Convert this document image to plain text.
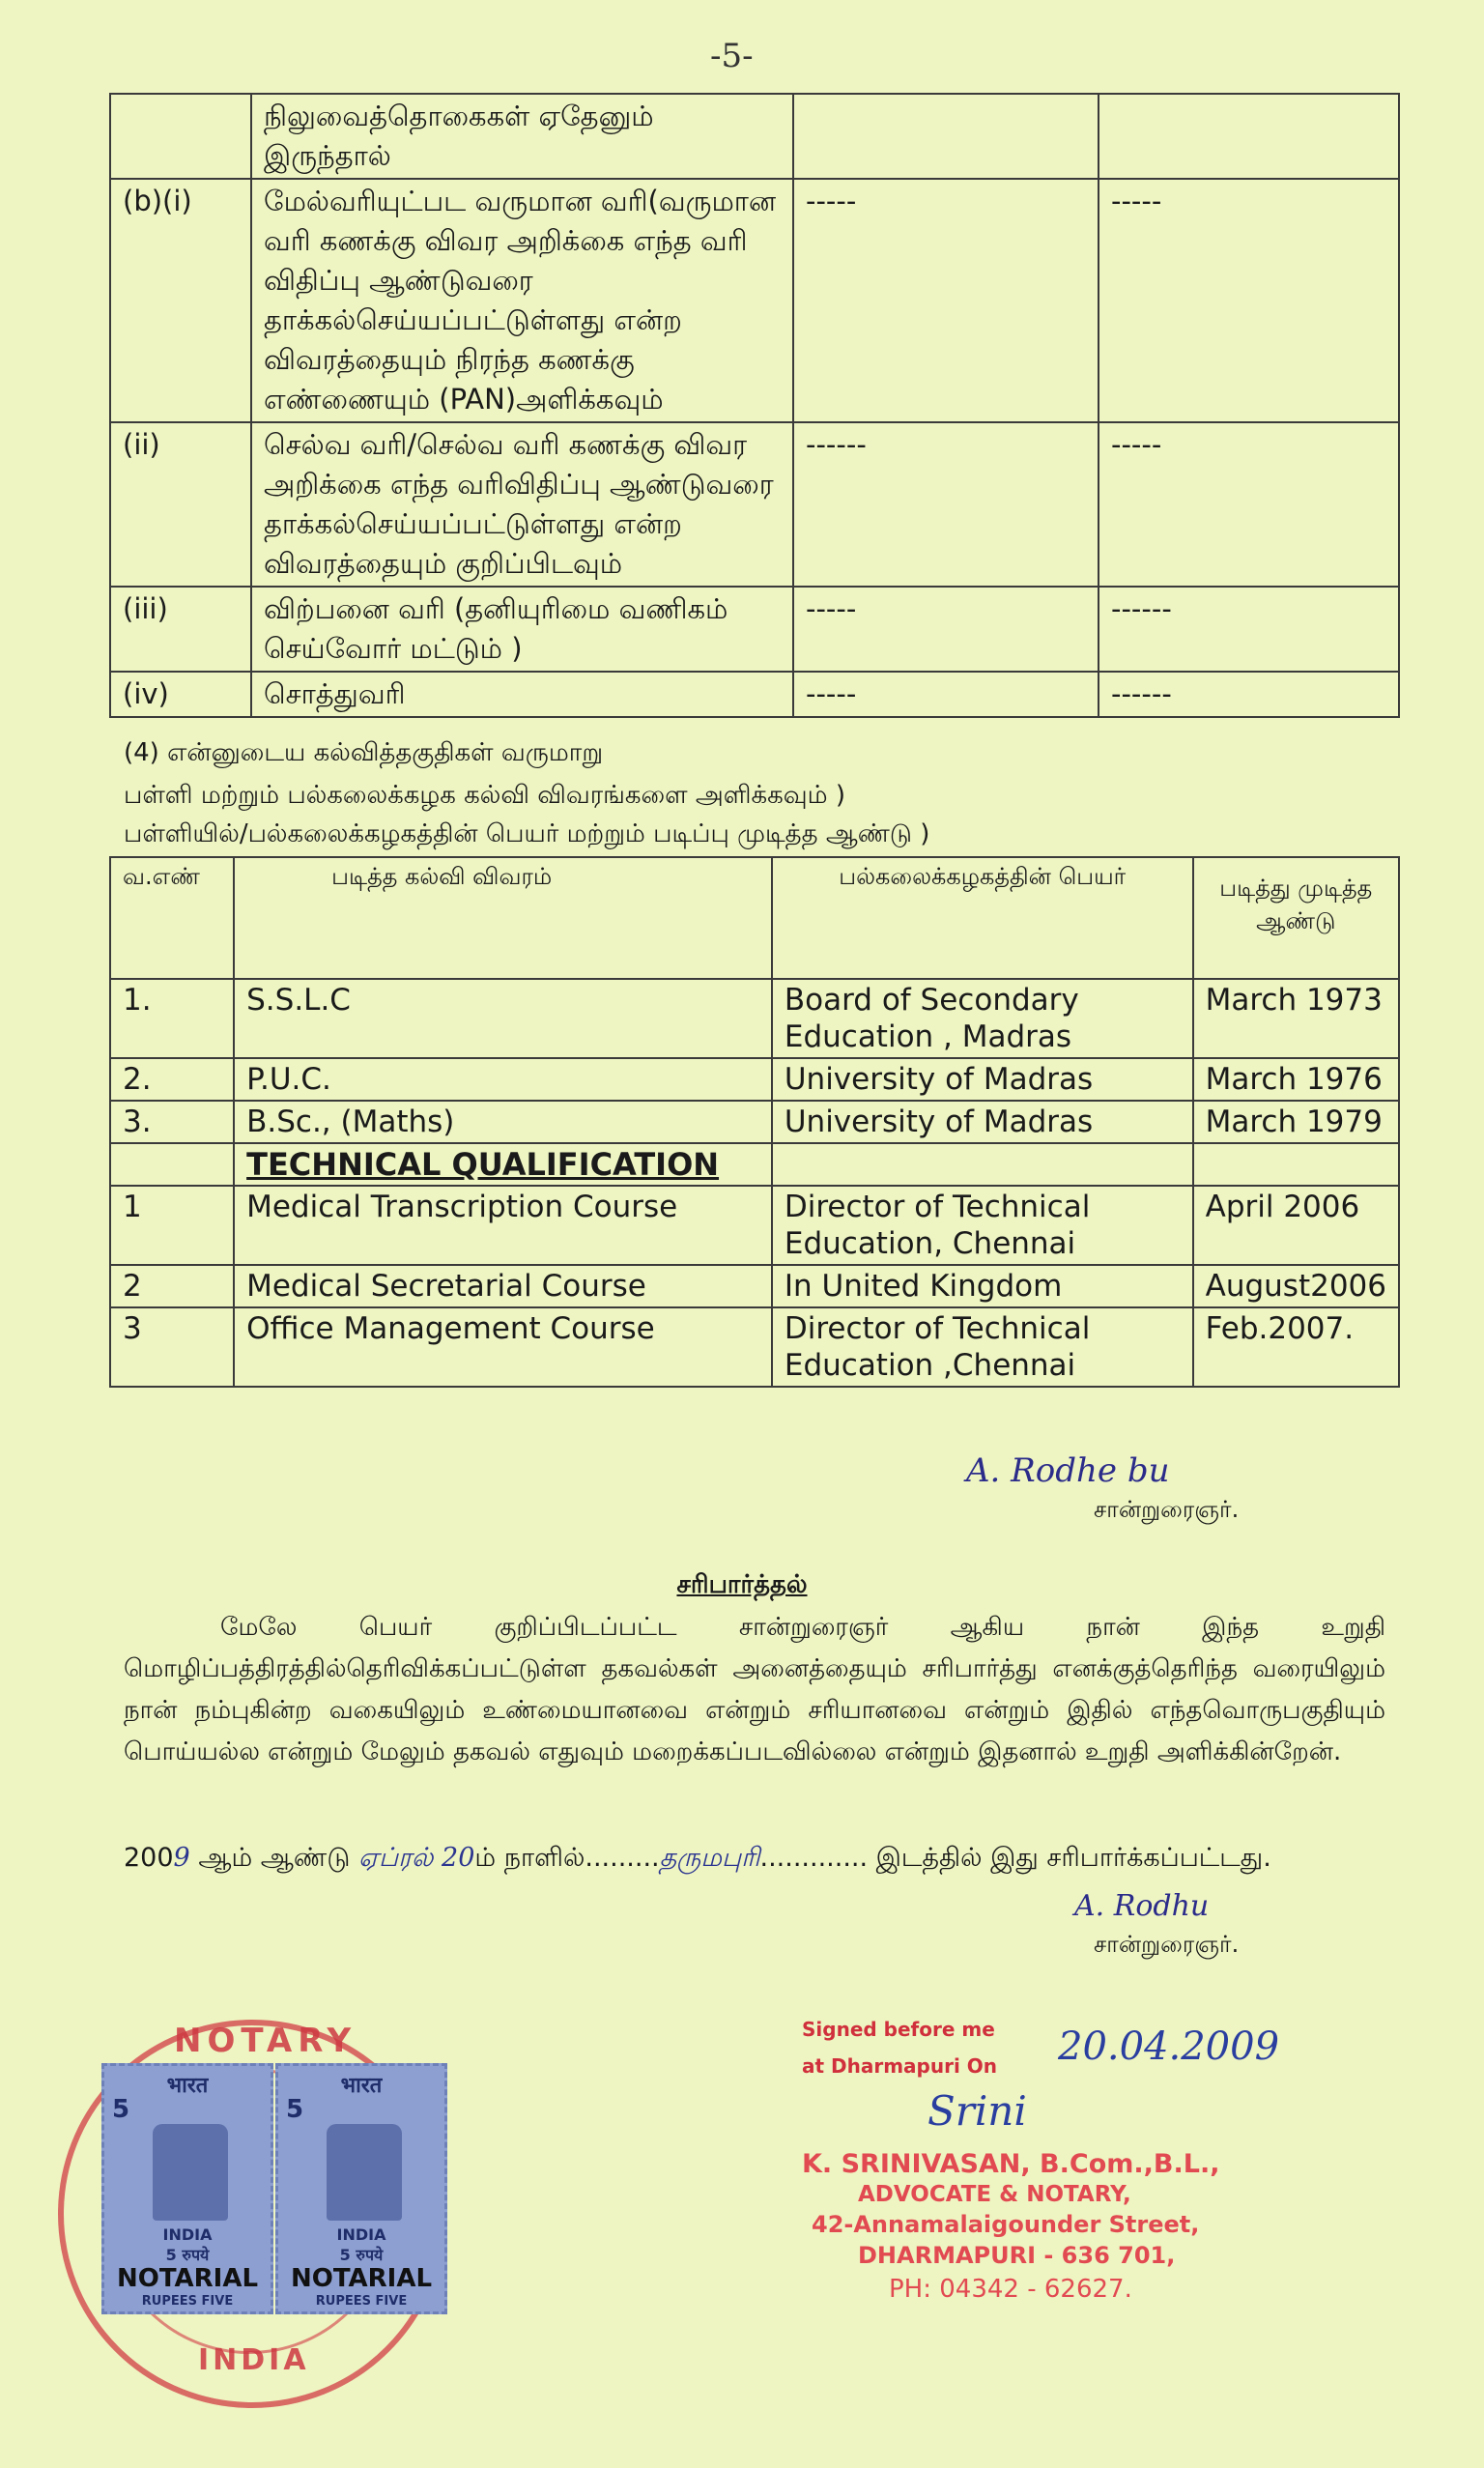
-5-
	நிலுவைத்தொகைகள் ஏதேனும் இருந்தால்		
(b)(i)	மேல்வரியுட்பட வருமான வரி(வருமான வரி கணக்கு விவர அறிக்கை எந்த வரி விதிப்பு ஆண்டுவரை தாக்கல்செய்யப்பட்டுள்ளது என்ற விவரத்தையும் நிரந்த கணக்கு எண்ணையும் (PAN)அளிக்கவும்	-----	-----
(ii)	செல்வ வரி/செல்வ வரி கணக்கு விவர அறிக்கை எந்த வரிவிதிப்பு ஆண்டுவரை தாக்கல்செய்யப்பட்டுள்ளது என்ற விவரத்தையும் குறிப்பிடவும்	------	-----
(iii)	விற்பனை வரி (தனியுரிமை வணிகம் செய்வோர் மட்டும் )	-----	------
(iv)	சொத்துவரி	-----	------
(4) என்னுடைய கல்வித்தகுதிகள் வருமாறு
பள்ளி மற்றும் பல்கலைக்கழக கல்வி விவரங்களை அளிக்கவும் )
பள்ளியில்/பல்கலைக்கழகத்தின் பெயர் மற்றும் படிப்பு முடித்த ஆண்டு )
வ.எண்	படித்த கல்வி விவரம்	பல்கலைக்கழகத்தின் பெயர்	படித்து முடித்த ஆண்டு
1.	S.S.L.C	Board of Secondary Education , Madras	March 1973
2.	P.U.C.	University of Madras	March 1976
3.	B.Sc., (Maths)	University of Madras	March 1979
	TECHNICAL QUALIFICATION		
1	Medical Transcription Course	Director of Technical Education, Chennai	April 2006
2	Medical Secretarial Course	In United Kingdom	August2006
3	Office Management Course	Director of Technical Education ,Chennai	Feb.2007.
A. Rodhe bu
சான்றுரைஞர்.
சரிபார்த்தல்
மேலே பெயர் குறிப்பிடப்பட்ட சான்றுரைஞர் ஆகிய நான் இந்த உறுதி மொழிப்பத்திரத்தில்தெரிவிக்கப்பட்டுள்ள தகவல்கள் அனைத்தையும் சரிபார்த்து எனக்குத்தெரிந்த வரையிலும் நான் நம்புகின்ற வகையிலும் உண்மையானவை என்றும் சரியானவை என்றும் இதில் எந்தவொருபகுதியும் பொய்யல்ல என்றும் மேலும் தகவல் எதுவும் மறைக்கப்படவில்லை என்றும் இதனால் உறுதி அளிக்கின்றேன்.
2009 ஆம் ஆண்டு ஏப்ரல் 20ம் நாளில்.........தருமபுரி............. இடத்தில் இது சரிபார்க்கப்பட்டது.
A. Rodhu
சான்றுரைஞர்.
NOTARY
INDIA
भारत
5
INDIA
5 रुपये
NOTARIAL
RUPEES FIVE
भारत
5
INDIA
5 रुपये
NOTARIAL
RUPEES FIVE
Signed before me
at Dharmapuri On 20.04.2009
Srini
K. SRINIVASAN, B.Com.,B.L.,
ADVOCATE & NOTARY,
42-Annamalaigounder Street,
DHARMAPURI - 636 701,
PH: 04342 - 62627.
